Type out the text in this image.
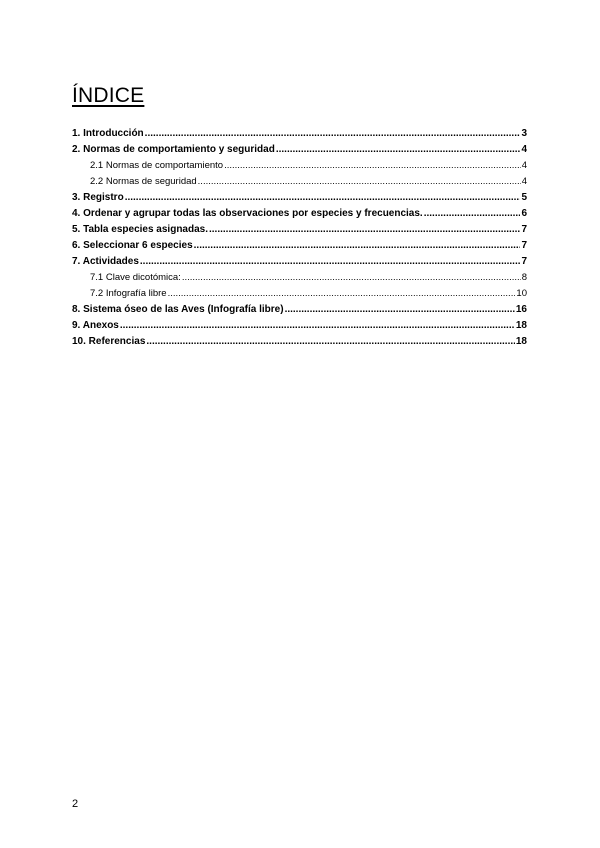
ÍNDICE
1. Introducción .....	3
2. Normas de comportamiento y seguridad .....	4
2.1 Normas de comportamiento .....	4
2.2 Normas de seguridad .....	4
3. Registro .....	5
4. Ordenar y agrupar todas las observaciones por especies y frecuencias. .....	6
5. Tabla especies asignadas. .....	7
6. Seleccionar 6 especies .....	7
7. Actividades .....	7
7.1 Clave dicotómica: .....	8
7.2 Infografía libre .....	10
8. Sistema óseo de las Aves (Infografía libre) .....	16
9. Anexos .....	18
10. Referencias .....	18
2
